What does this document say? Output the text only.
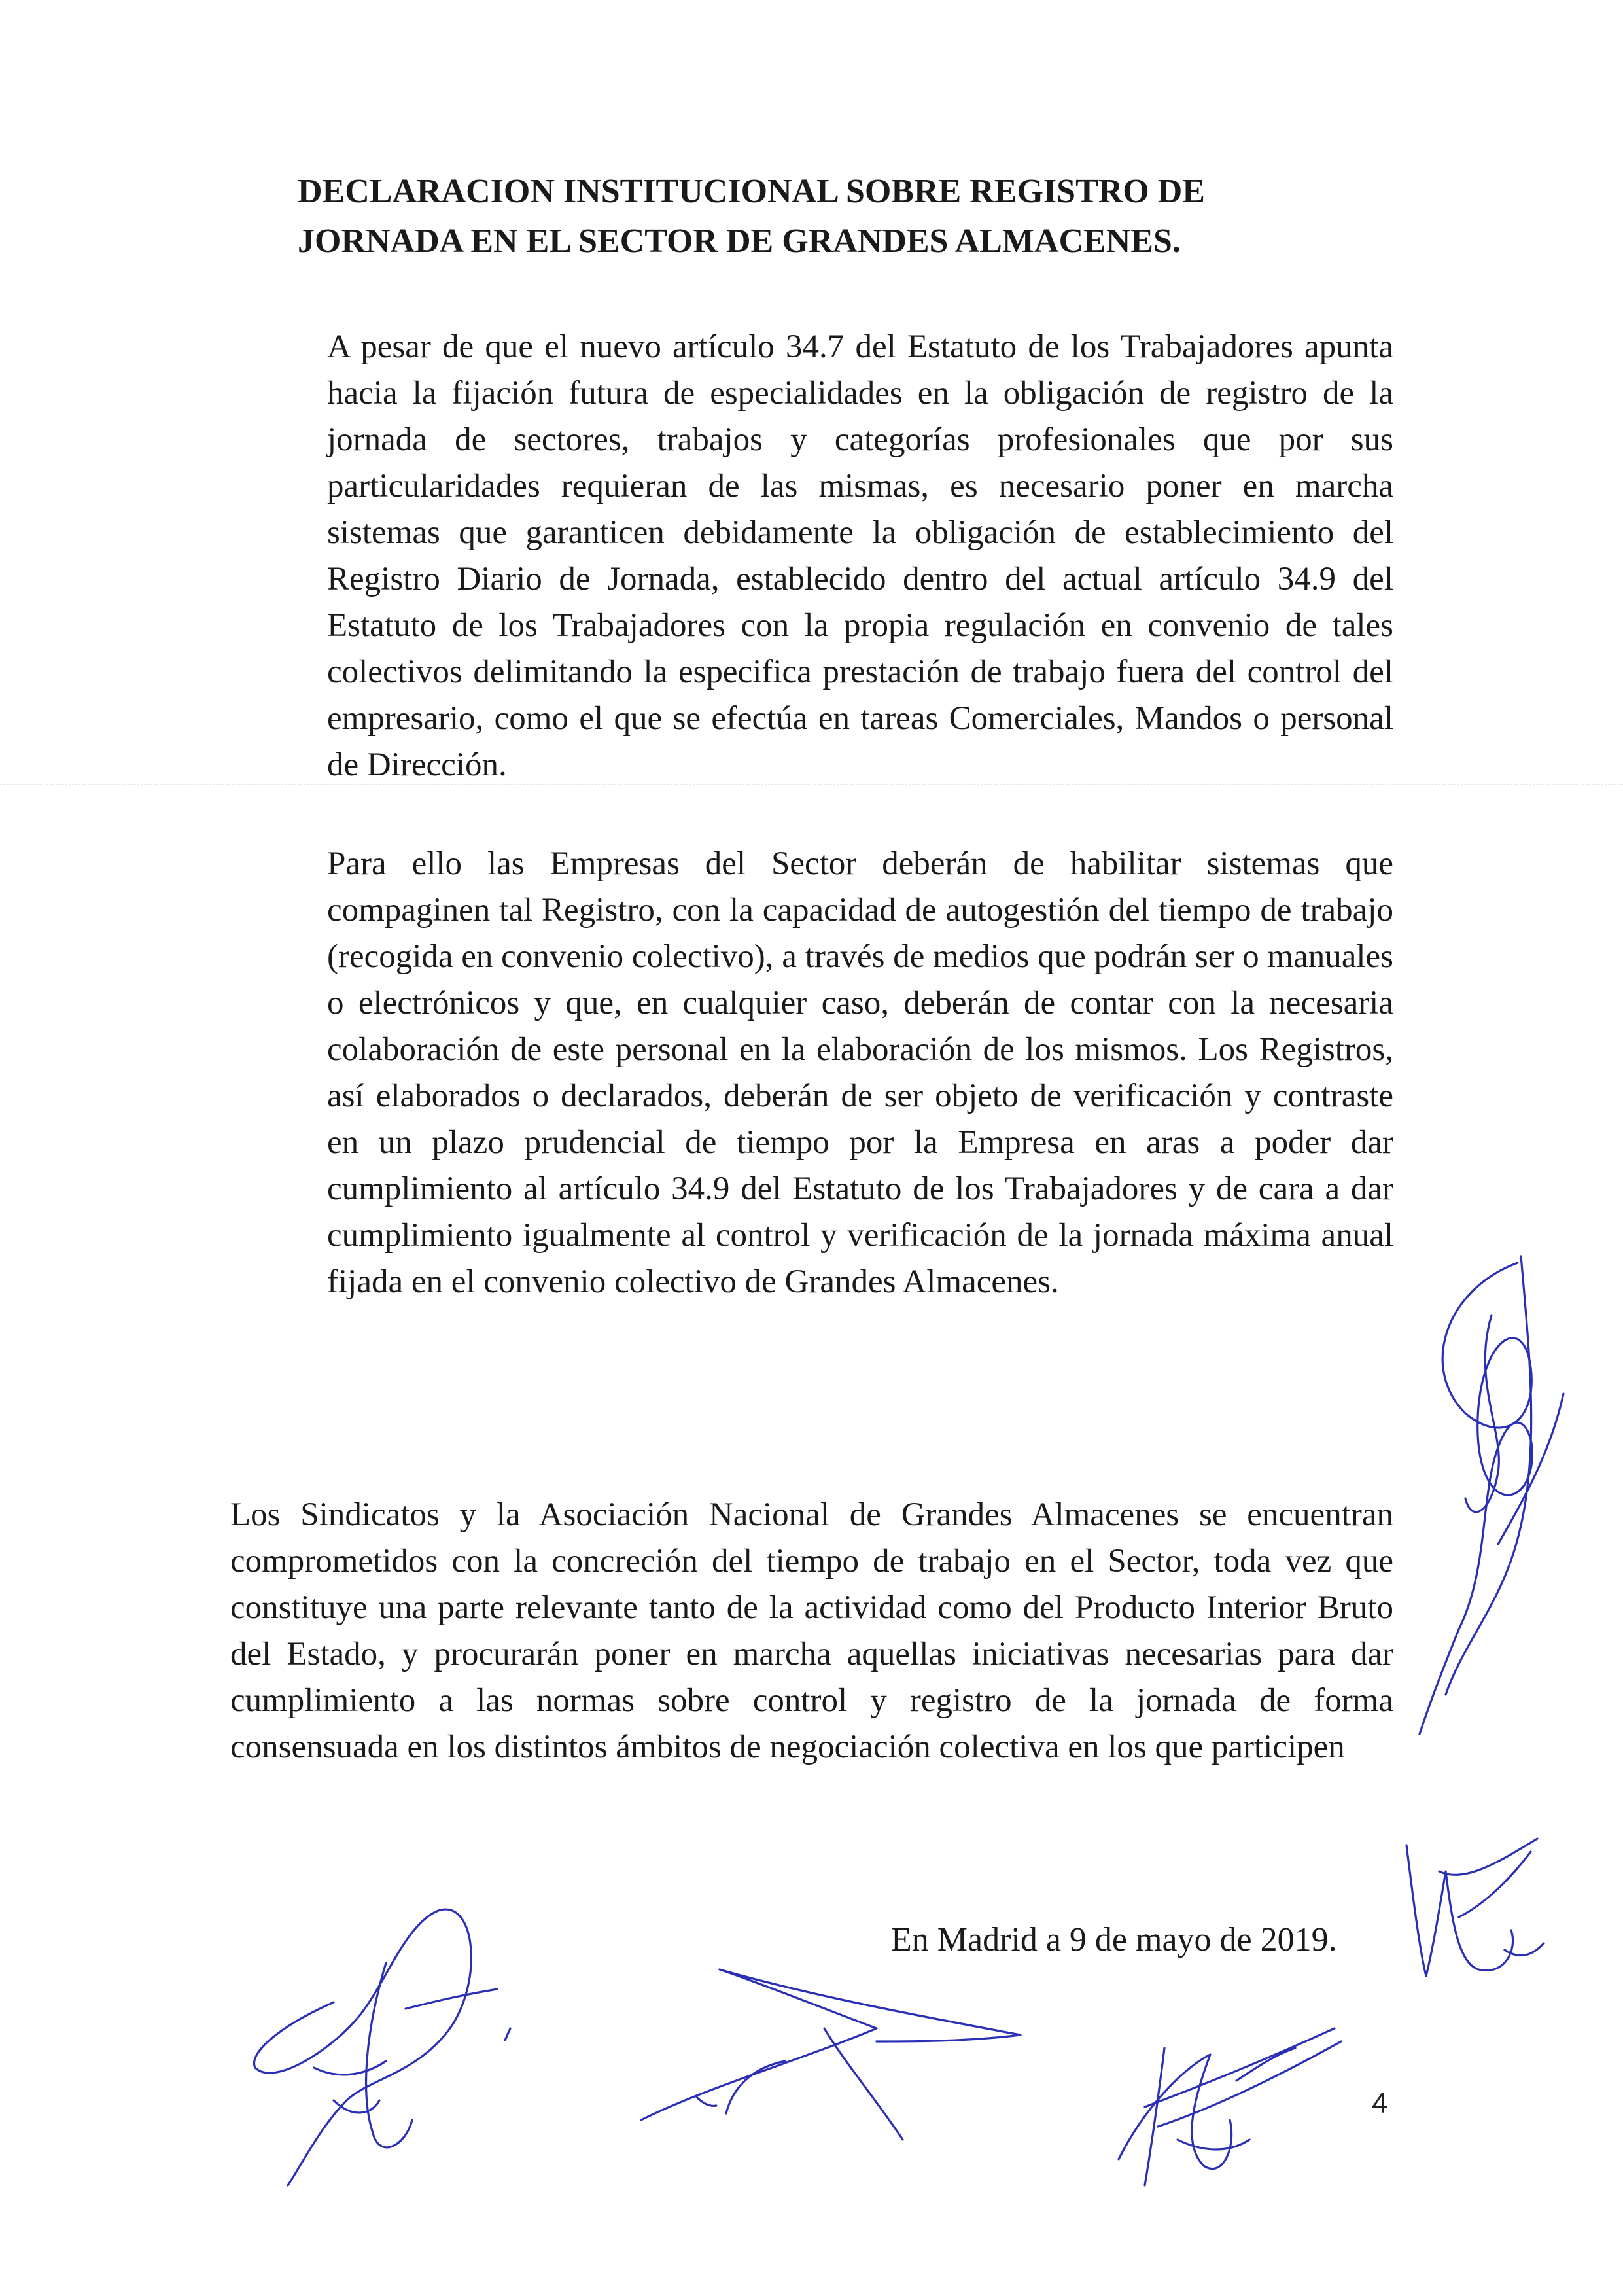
DECLARACION INSTITUCIONAL SOBRE REGISTRO DE JORNADA EN EL SECTOR DE GRANDES ALMACENES.

A pesar de que el nuevo artículo 34.7 del Estatuto de los Trabajadores apunta hacia la fijación futura de especialidades en la obligación de registro de la jornada de sectores, trabajos y categorías profesionales que por sus particularidades requieran de las mismas, es necesario poner en marcha sistemas que garanticen debidamente la obligación de establecimiento del Registro Diario de Jornada, establecido dentro del actual artículo 34.9 del Estatuto de los Trabajadores con la propia regulación en convenio de tales colectivos delimitando la especifica prestación de trabajo fuera del control del empresario, como el que se efectúa en tareas Comerciales, Mandos o personal de Dirección.

Para ello las Empresas del Sector deberán de habilitar sistemas que compaginen tal Registro, con la capacidad de autogestión del tiempo de trabajo (recogida en convenio colectivo), a través de medios que podrán ser o manuales o electrónicos y que, en cualquier caso, deberán de contar con la necesaria colaboración de este personal en la elaboración de los mismos. Los Registros, así elaborados o declarados, deberán de ser objeto de verificación y contraste en un plazo prudencial de tiempo por la Empresa en aras a poder dar cumplimiento al artículo 34.9 del Estatuto de los Trabajadores y de cara a dar cumplimiento igualmente al control y verificación de la jornada máxima anual fijada en el convenio colectivo de Grandes Almacenes.

Los Sindicatos y la Asociación Nacional de Grandes Almacenes se encuentran comprometidos con la concreción del tiempo de trabajo en el Sector, toda vez que constituye una parte relevante tanto de la actividad como del Producto Interior Bruto del Estado, y procurarán poner en marcha aquellas iniciativas necesarias para dar cumplimiento a las normas sobre control y registro de la jornada de forma consensuada en los distintos ámbitos de negociación colectiva en los que participen

En Madrid a 9 de mayo de 2019.

4
